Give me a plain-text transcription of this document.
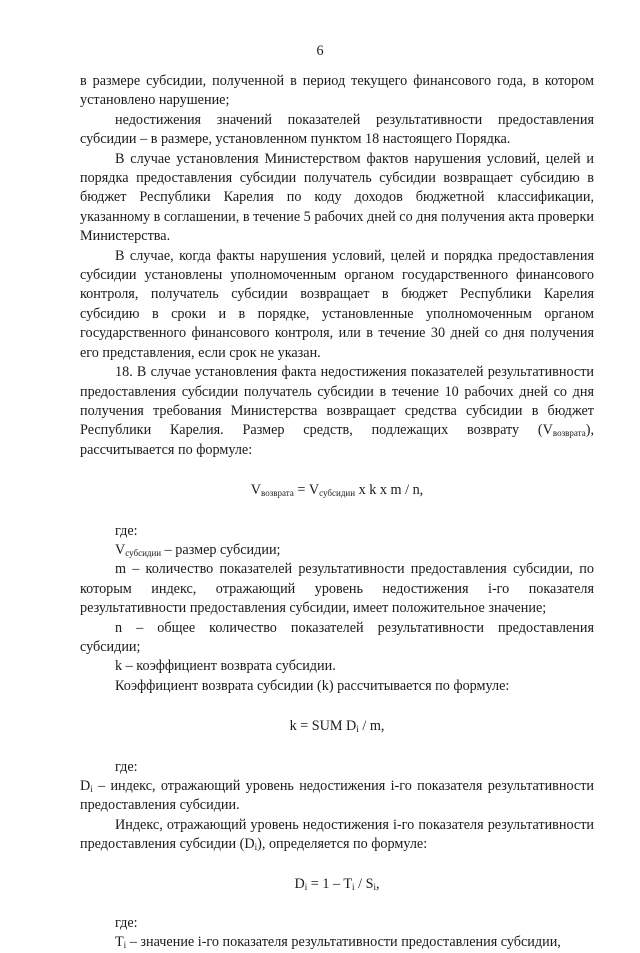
6

в размере субсидии, полученной в период текущего финансового года, в котором установлено нарушение;

недостижения значений показателей результативности предоставления субсидии – в размере, установленном пунктом 18 настоящего Порядка.

В случае установления Министерством фактов нарушения условий, целей и порядка предоставления субсидии получатель субсидии возвращает субсидию в бюджет Республики Карелия по коду доходов бюджетной классификации, указанному в соглашении, в течение 5 рабочих дней со дня получения акта проверки Министерства.

В случае, когда факты нарушения условий, целей и порядка предоставления субсидии установлены уполномоченным органом государственного финансового контроля, получатель субсидии возвращает в бюджет Республики Карелия субсидию в сроки и в порядке, установленные уполномоченным органом государственного финансового контроля, или в течение 30 дней со дня получения его представления, если срок не указан.

18. В случае установления факта недостижения показателей результативности предоставления субсидии получатель субсидии в течение 10 рабочих дней со дня получения требования Министерства возвращает средства субсидии в бюджет Республики Карелия. Размер средств, подлежащих возврату $(V_{возврата})$, рассчитывается по формуле:

$V_{возврата} = V_{субсидии}$ x k x m / n,

где:

$V_{субсидии}$ – размер субсидии;

m – количество показателей результативности предоставления субсидии, по которым индекс, отражающий уровень недостижения i-го показателя результативности предоставления субсидии, имеет положительное значение;

n – общее количество показателей результативности предоставления субсидии;

k – коэффициент возврата субсидии.

Коэффициент возврата субсидии (k) рассчитывается по формуле:

k = SUM $D_i$ / m,

где:

$D_i$ – индекс, отражающий уровень недостижения i-го показателя результативности предоставления субсидии.

Индекс, отражающий уровень недостижения i-го показателя результативности предоставления субсидии $(D_i)$, определяется по формуле:

$D_i = 1 - T_i / S_i$,

где:

$T_i$ – значение i-го показателя результативности предоставления субсидии,
